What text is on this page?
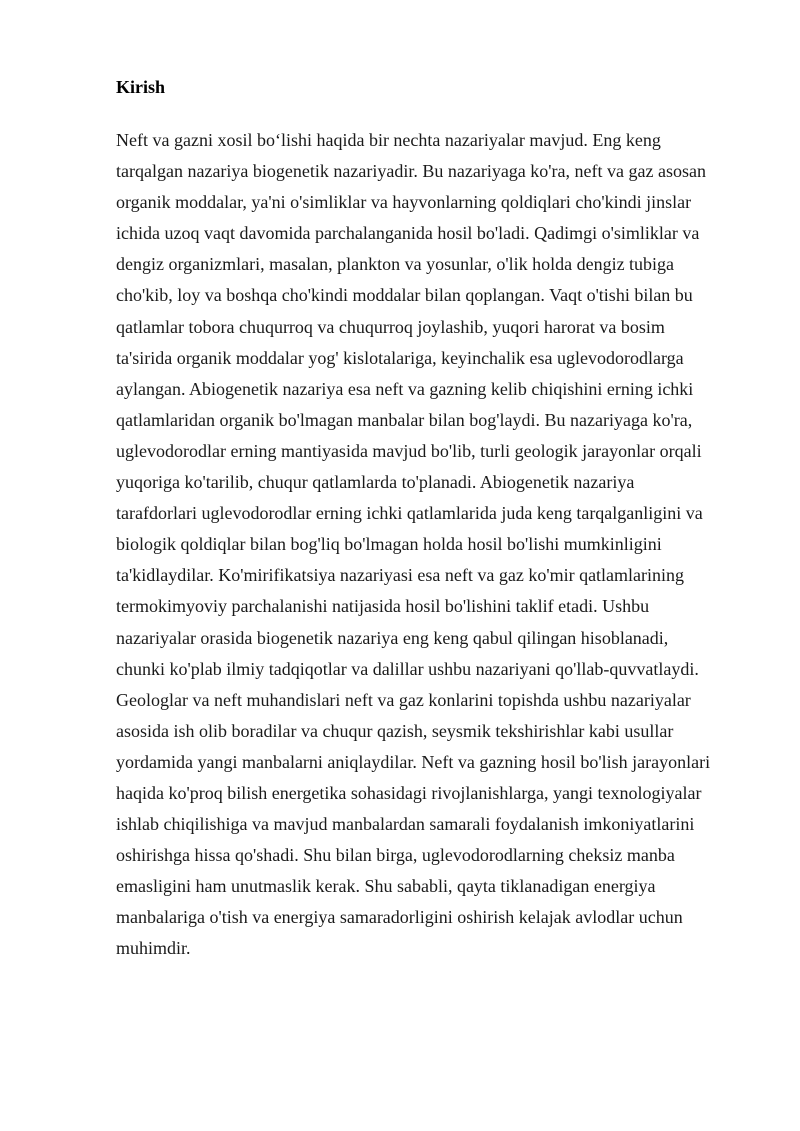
Kirish
Neft va gazni xosil bo‘lishi haqida bir nechta nazariyalar mavjud. Eng keng
tarqalgan nazariya biogenetik nazariyadir. Bu nazariyaga ko'ra, neft va gaz asosan
organik moddalar, ya'ni o'simliklar va hayvonlarning qoldiqlari cho'kindi jinslar
ichida uzoq vaqt davomida parchalanganida hosil bo'ladi. Qadimgi o'simliklar va
dengiz organizmlari, masalan, plankton va yosunlar, o'lik holda dengiz tubiga
cho'kib, loy va boshqa cho'kindi moddalar bilan qoplangan. Vaqt o'tishi bilan bu
qatlamlar tobora chuqurroq va chuqurroq joylashib, yuqori harorat va bosim
ta'sirida organik moddalar yog' kislotalariga, keyinchalik esa uglevodorodlarga
aylangan. Abiogenetik nazariya esa neft va gazning kelib chiqishini erning ichki
qatlamlaridan organik bo'lmagan manbalar bilan bog'laydi. Bu nazariyaga ko'ra,
uglevodorodlar erning mantiyasida mavjud bo'lib, turli geologik jarayonlar orqali
yuqoriga ko'tarilib, chuqur qatlamlarda to'planadi. Abiogenetik nazariya
tarafdorlari uglevodorodlar erning ichki qatlamlarida juda keng tarqalganligini va
biologik qoldiqlar bilan bog'liq bo'lmagan holda hosil bo'lishi mumkinligini
ta'kidlaydilar. Ko'mirifikatsiya nazariyasi esa neft va gaz ko'mir qatlamlarining
termokimyoviy parchalanishi natijasida hosil bo'lishini taklif etadi. Ushbu
nazariyalar orasida biogenetik nazariya eng keng qabul qilingan hisoblanadi,
chunki ko'plab ilmiy tadqiqotlar va dalillar ushbu nazariyani qo'llab-quvvatlaydi.
Geologlar va neft muhandislari neft va gaz konlarini topishda ushbu nazariyalar
asosida ish olib boradilar va chuqur qazish, seysmik tekshirishlar kabi usullar
yordamida yangi manbalarni aniqlaydilar. Neft va gazning hosil bo'lish jarayonlari
haqida ko'proq bilish energetika sohasidagi rivojlanishlarga, yangi texnologiyalar
ishlab chiqilishiga va mavjud manbalardan samarali foydalanish imkoniyatlarini
oshirishga hissa qo'shadi. Shu bilan birga, uglevodorodlarning cheksiz manba
emasligini ham unutmaslik kerak. Shu sababli, qayta tiklanadigan energiya
manbalariga o'tish va energiya samaradorligini oshirish kelajak avlodlar uchun
muhimdir.
